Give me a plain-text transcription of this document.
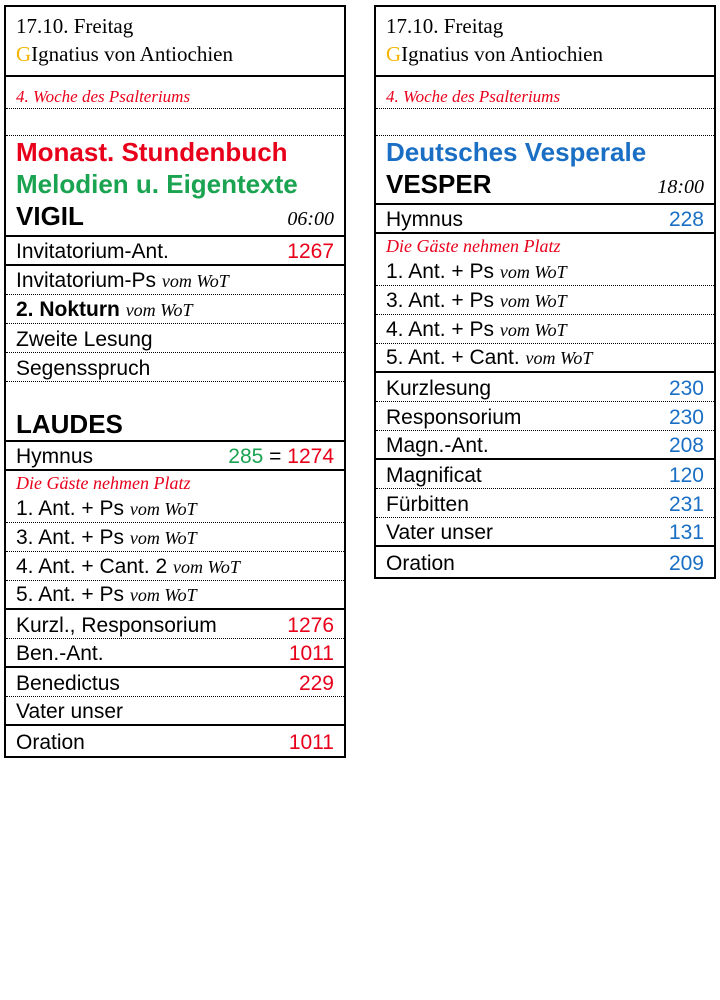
17.10. Freitag
GIgnatius von Antiochien
4. Woche des Psalteriums
Monast. Stundenbuch
Melodien u. Eigentexte
VIGIL	06:00
Invitatorium-Ant.	1267
Invitatorium-Ps vom WoT
2. Nokturn vom WoT
Zweite Lesung
Segensspruch
LAUDES
Hymnus	285 = 1274
Die Gäste nehmen Platz
1. Ant. + Ps vom WoT
3. Ant. + Ps vom WoT
4. Ant. + Cant. 2 vom WoT
5. Ant. + Ps vom WoT
Kurzl., Responsorium	1276
Ben.-Ant.	1011
Benedictus	229
Vater unser
Oration	1011
17.10. Freitag
GIgnatius von Antiochien
4. Woche des Psalteriums
Deutsches Vesperale
VESPER	18:00
Hymnus	228
Die Gäste nehmen Platz
1. Ant. + Ps vom WoT
3. Ant. + Ps vom WoT
4. Ant. + Ps vom WoT
5. Ant. + Cant. vom WoT
Kurzlesung	230
Responsorium	230
Magn.-Ant.	208
Magnificat	120
Fürbitten	231
Vater unser	131
Oration	209
